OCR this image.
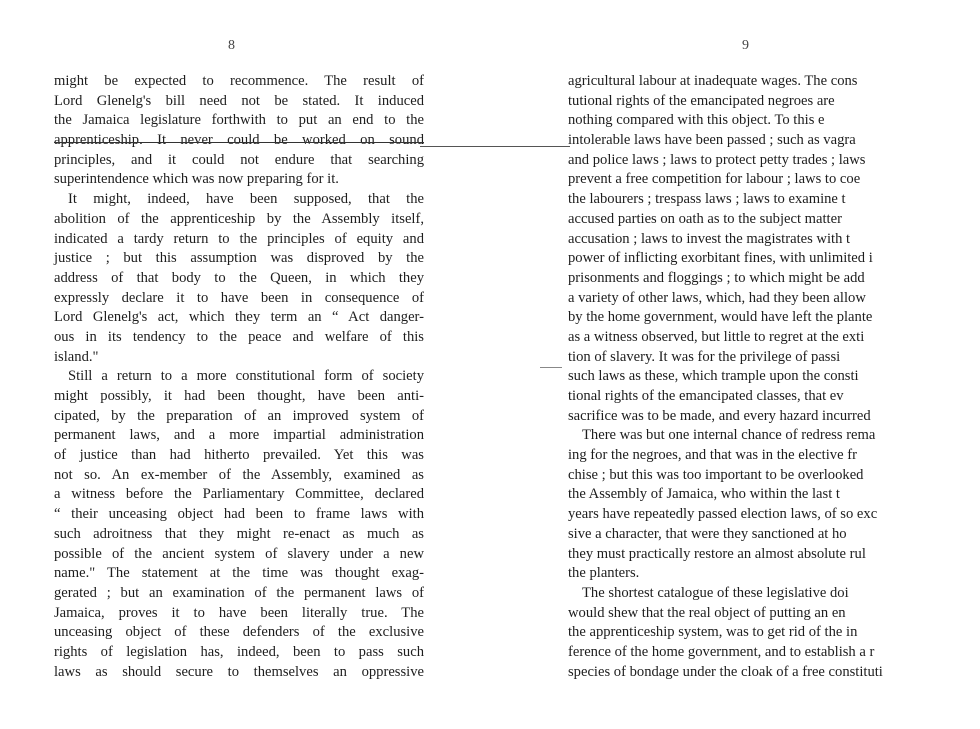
8	9
might be expected to recommence. The result of
Lord Glenelg's bill need not be stated. It induced
the Jamaica legislature forthwith to put an end to the
apprenticeship. It never could be worked on sound
principles, and it could not endure that searching
superintendence which was now preparing for it.
It might, indeed, have been supposed, that the
abolition of the apprenticeship by the Assembly itself,
indicated a tardy return to the principles of equity and
justice ; but this assumption was disproved by the
address of that body to the Queen, in which they
expressly declare it to have been in consequence of
Lord Glenelg's act, which they term an “ Act danger-
ous in its tendency to the peace and welfare of this
island."
Still a return to a more constitutional form of society
might possibly, it had been thought, have been anti-
cipated, by the preparation of an improved system of
permanent laws, and a more impartial administration
of justice than had hitherto prevailed. Yet this was
not so. An ex-member of the Assembly, examined as
a witness before the Parliamentary Committee, declared
“ their unceasing object had been to frame laws with
such adroitness that they might re-enact as much as
possible of the ancient system of slavery under a new
name." The statement at the time was thought exag-
gerated ; but an examination of the permanent laws of
Jamaica, proves it to have been literally true. The
unceasing object of these defenders of the exclusive
rights of legislation has, indeed, been to pass such
laws as should secure to themselves an oppressive
agricultural labour at inadequate wages. The cons
tutional rights of the emancipated negroes are
nothing compared with this object. To this e
intolerable laws have been passed ; such as vagra
and police laws ; laws to protect petty trades ; laws
prevent a free competition for labour ; laws to coe
the labourers ; trespass laws ; laws to examine t
accused parties on oath as to the subject matter
accusation ; laws to invest the magistrates with t
power of inflicting exorbitant fines, with unlimited i
prisonments and floggings ; to which might be add
a variety of other laws, which, had they been allow
by the home government, would have left the plante
as a witness observed, but little to regret at the exti
tion of slavery. It was for the privilege of passi
such laws as these, which trample upon the consti
tional rights of the emancipated classes, that ev
sacrifice was to be made, and every hazard incurred
There was but one internal chance of redress rema
ing for the negroes, and that was in the elective fr
chise ; but this was too important to be overlooked
the Assembly of Jamaica, who within the last t
years have repeatedly passed election laws, of so exc
sive a character, that were they sanctioned at ho
they must practically restore an almost absolute rul
the planters.
The shortest catalogue of these legislative doi
would shew that the real object of putting an en
the apprenticeship system, was to get rid of the in
ference of the home government, and to establish a r
species of bondage under the cloak of a free constituti
